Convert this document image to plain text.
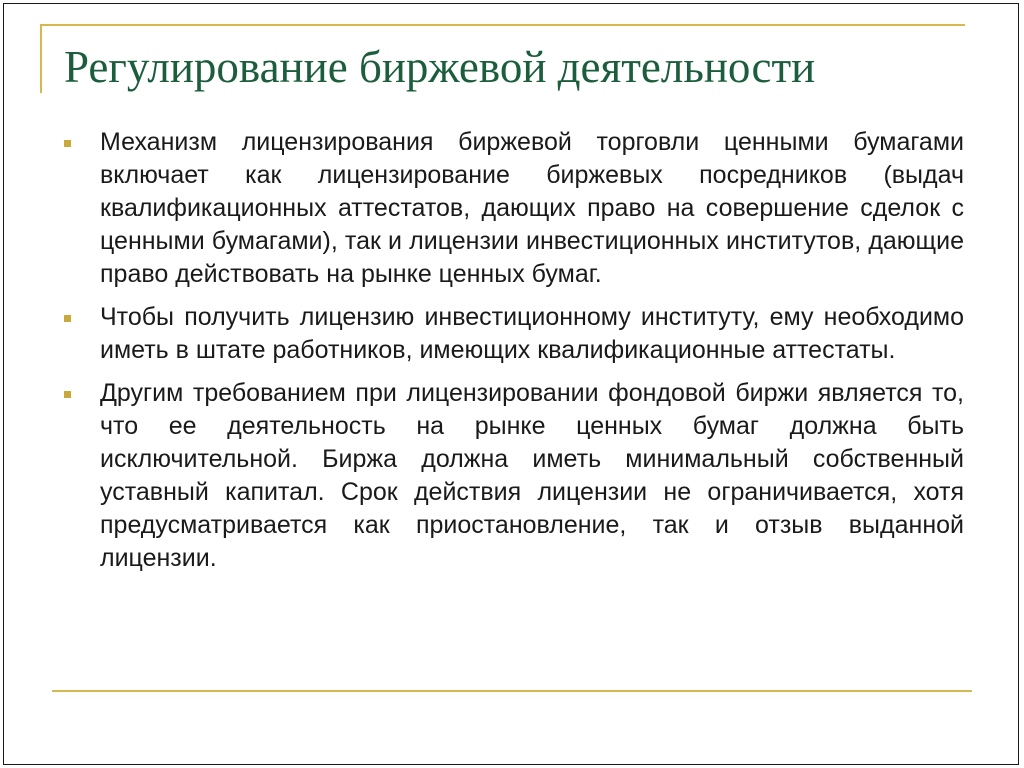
Регулирование биржевой деятельности
Механизм лицензирования биржевой торговли ценными бумагами включает как лицензирование биржевых посредников (выдач квалификационных аттестатов, дающих право на совершение сделок с ценными бумагами), так и лицензии инвестиционных институтов, дающие право действовать на рынке ценных бумаг.
Чтобы получить лицензию инвестиционному институту, ему необходимо иметь в штате работников, имеющих квалификационные аттестаты.
Другим требованием при лицензировании фондовой биржи является то, что ее деятельность на рынке ценных бумаг должна быть исключительной. Биржа должна иметь минимальный собственный уставный капитал. Срок действия лицензии не ограничивается, хотя предусматривается как приостановление, так и отзыв выданной лицензии.
